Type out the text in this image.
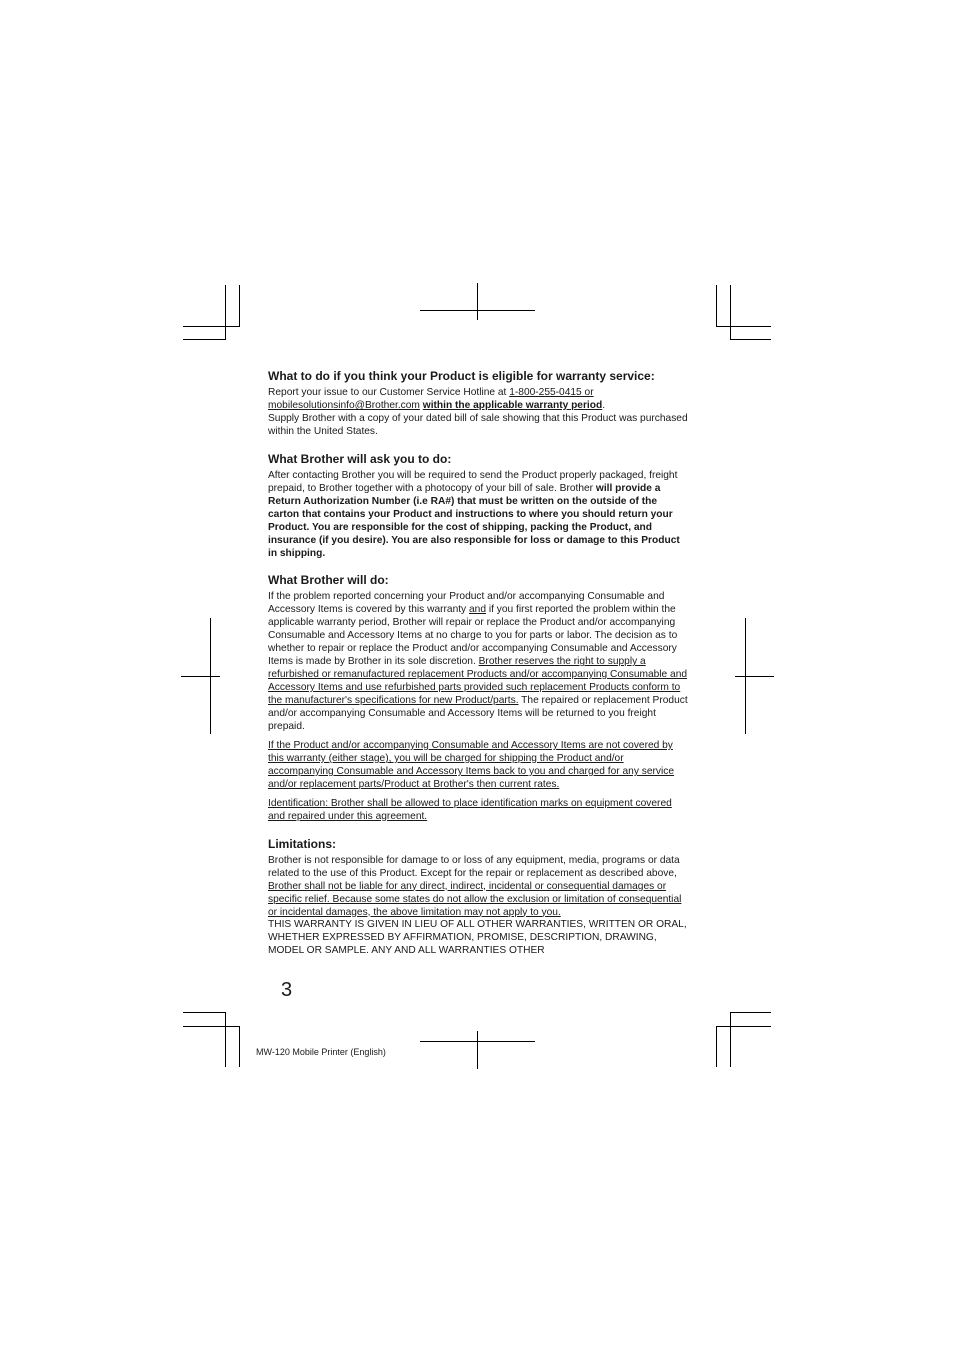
What to do if you think your Product is eligible for warranty service:

Report your issue to our Customer Service Hotline at 1-800-255-0415 or mobilesolutionsinfo@Brother.com within the applicable warranty period.

Supply Brother with a copy of your dated bill of sale showing that this Product was purchased within the United States.

What Brother will ask you to do:

After contacting Brother you will be required to send the Product properly packaged, freight prepaid, to Brother together with a photocopy of your bill of sale. Brother will provide a Return Authorization Number (i.e RA#) that must be written on the outside of the carton that contains your Product and instructions to where you should return your Product. You are responsible for the cost of shipping, packing the Product, and insurance (if you desire). You are also responsible for loss or damage to this Product in shipping.

What Brother will do:

If the problem reported concerning your Product and/or accompanying Consumable and Accessory Items is covered by this warranty and if you first reported the problem within the applicable warranty period, Brother will repair or replace the Product and/or accompanying Consumable and Accessory Items at no charge to you for parts or labor. The decision as to whether to repair or replace the Product and/or accompanying Consumable and Accessory Items is made by Brother in its sole discretion. Brother reserves the right to supply a refurbished or remanufactured replacement Products and/or accompanying Consumable and Accessory Items and use refurbished parts provided such replacement Products conform to the manufacturer's specifications for new Product/parts. The repaired or replacement Product and/or accompanying Consumable and Accessory Items will be returned to you freight prepaid.

If the Product and/or accompanying Consumable and Accessory Items are not covered by this warranty (either stage), you will be charged for shipping the Product and/or accompanying Consumable and Accessory Items back to you and charged for any service and/or replacement parts/Product at Brother's then current rates.

Identification: Brother shall be allowed to place identification marks on equipment covered and repaired under this agreement.

Limitations:

Brother is not responsible for damage to or loss of any equipment, media, programs or data related to the use of this Product. Except for the repair or replacement as described above, Brother shall not be liable for any direct, indirect, incidental or consequential damages or specific relief. Because some states do not allow the exclusion or limitation of consequential or incidental damages, the above limitation may not apply to you.

THIS WARRANTY IS GIVEN IN LIEU OF ALL OTHER WARRANTIES, WRITTEN OR ORAL, WHETHER EXPRESSED BY AFFIRMATION, PROMISE, DESCRIPTION, DRAWING, MODEL OR SAMPLE. ANY AND ALL WARRANTIES OTHER

3
MW-120 Mobile Printer (English)
